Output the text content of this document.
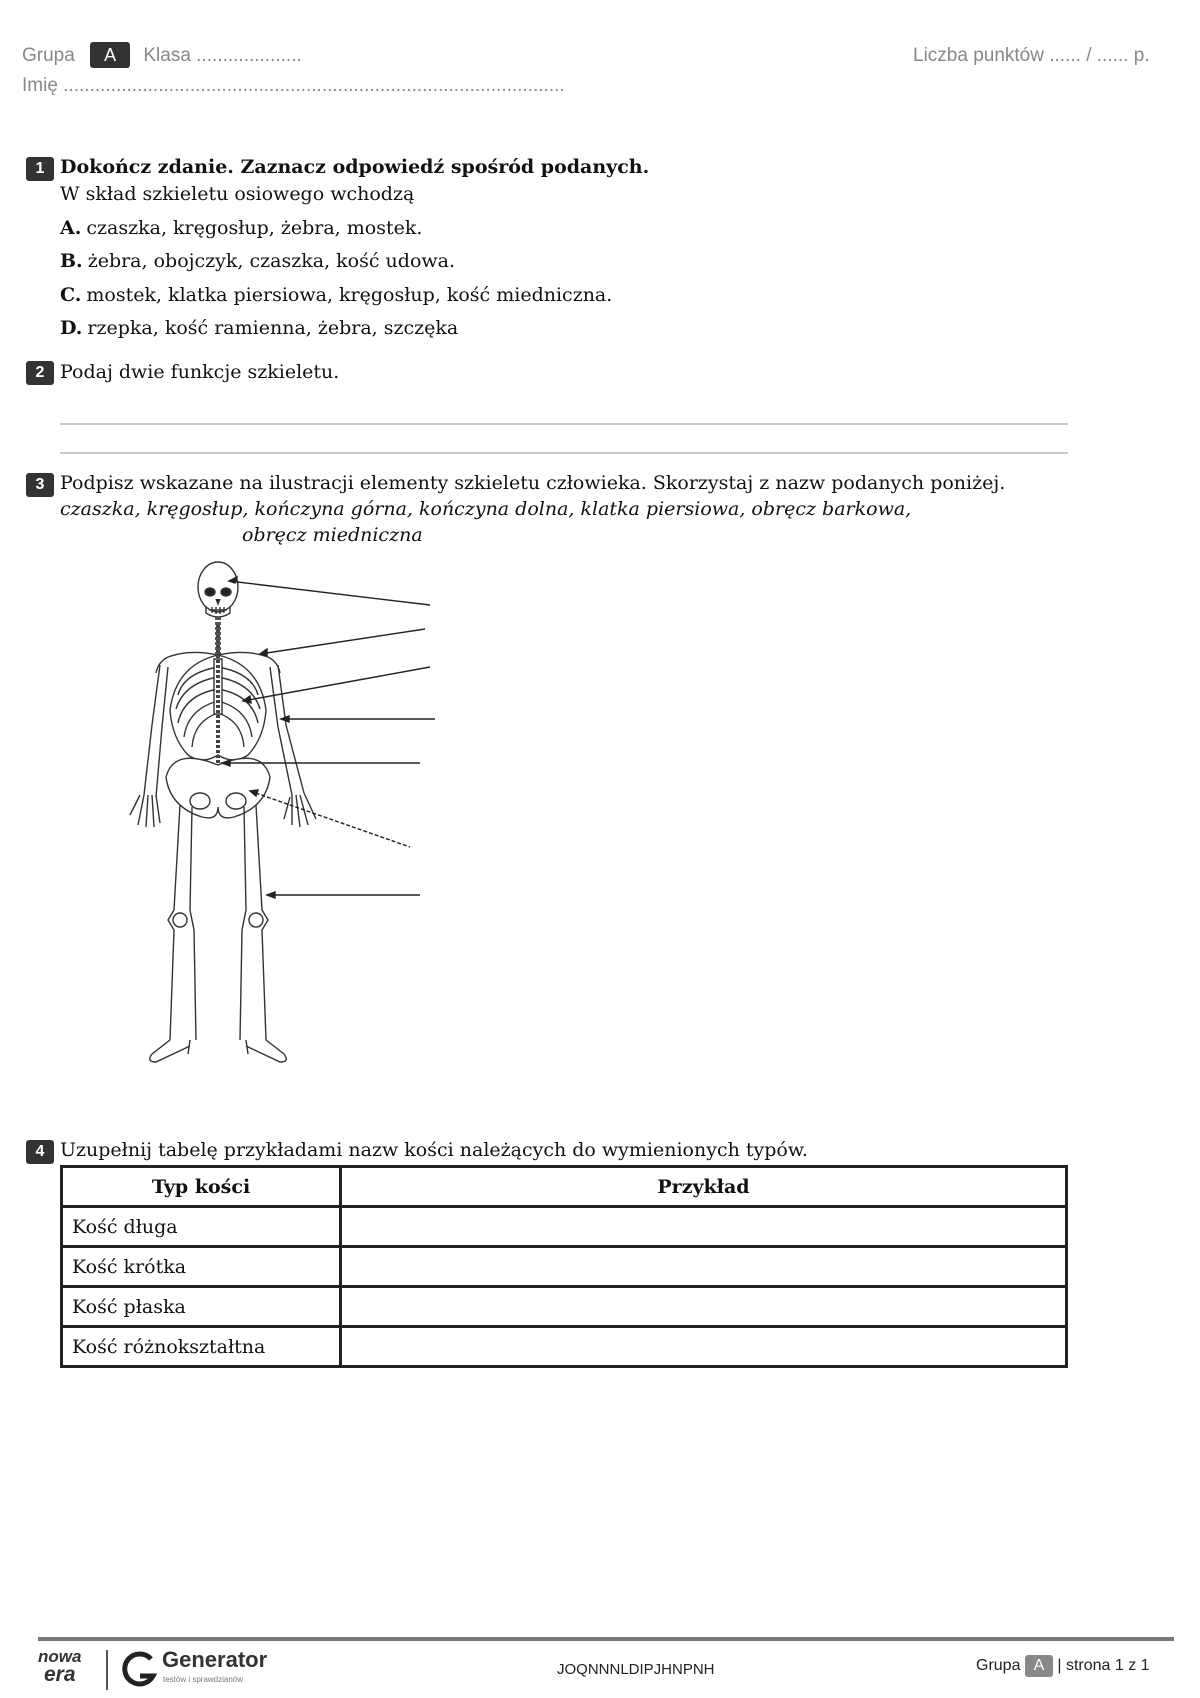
Grupa A Klasa ....................	Liczba punktów ...... / ...... p.
Imię ...............................................................................................
1 Dokończ zdanie. Zaznacz odpowiedź spośród podanych.
W skład szkieletu osiowego wchodzą
A. czaszka, kręgosłup, żebra, mostek.
B. żebra, obojczyk, czaszka, kość udowa.
C. mostek, klatka piersiowa, kręgosłup, kość miedniczna.
D. rzepka, kość ramienna, żebra, szczęka
2 Podaj dwie funkcje szkieletu.
3 Podpisz wskazane na ilustracji elementy szkieletu człowieka. Skorzystaj z nazw podanych poniżej.
czaszka, kręgosłup, kończyna górna, kończyna dolna, klatka piersiowa, obręcz barkowa,
obręcz miedniczna
4 Uzupełnij tabelę przykładami nazw kości należących do wymienionych typów.
Typ kości	Przykład
Kość długa	
Kość krótka	
Kość płaska	
Kość różnokształtna	
nowa
era
Generator
testów i sprawdzianów
JOQNNNLDIPJHNPNH	Grupa A | strona 1 z 1
